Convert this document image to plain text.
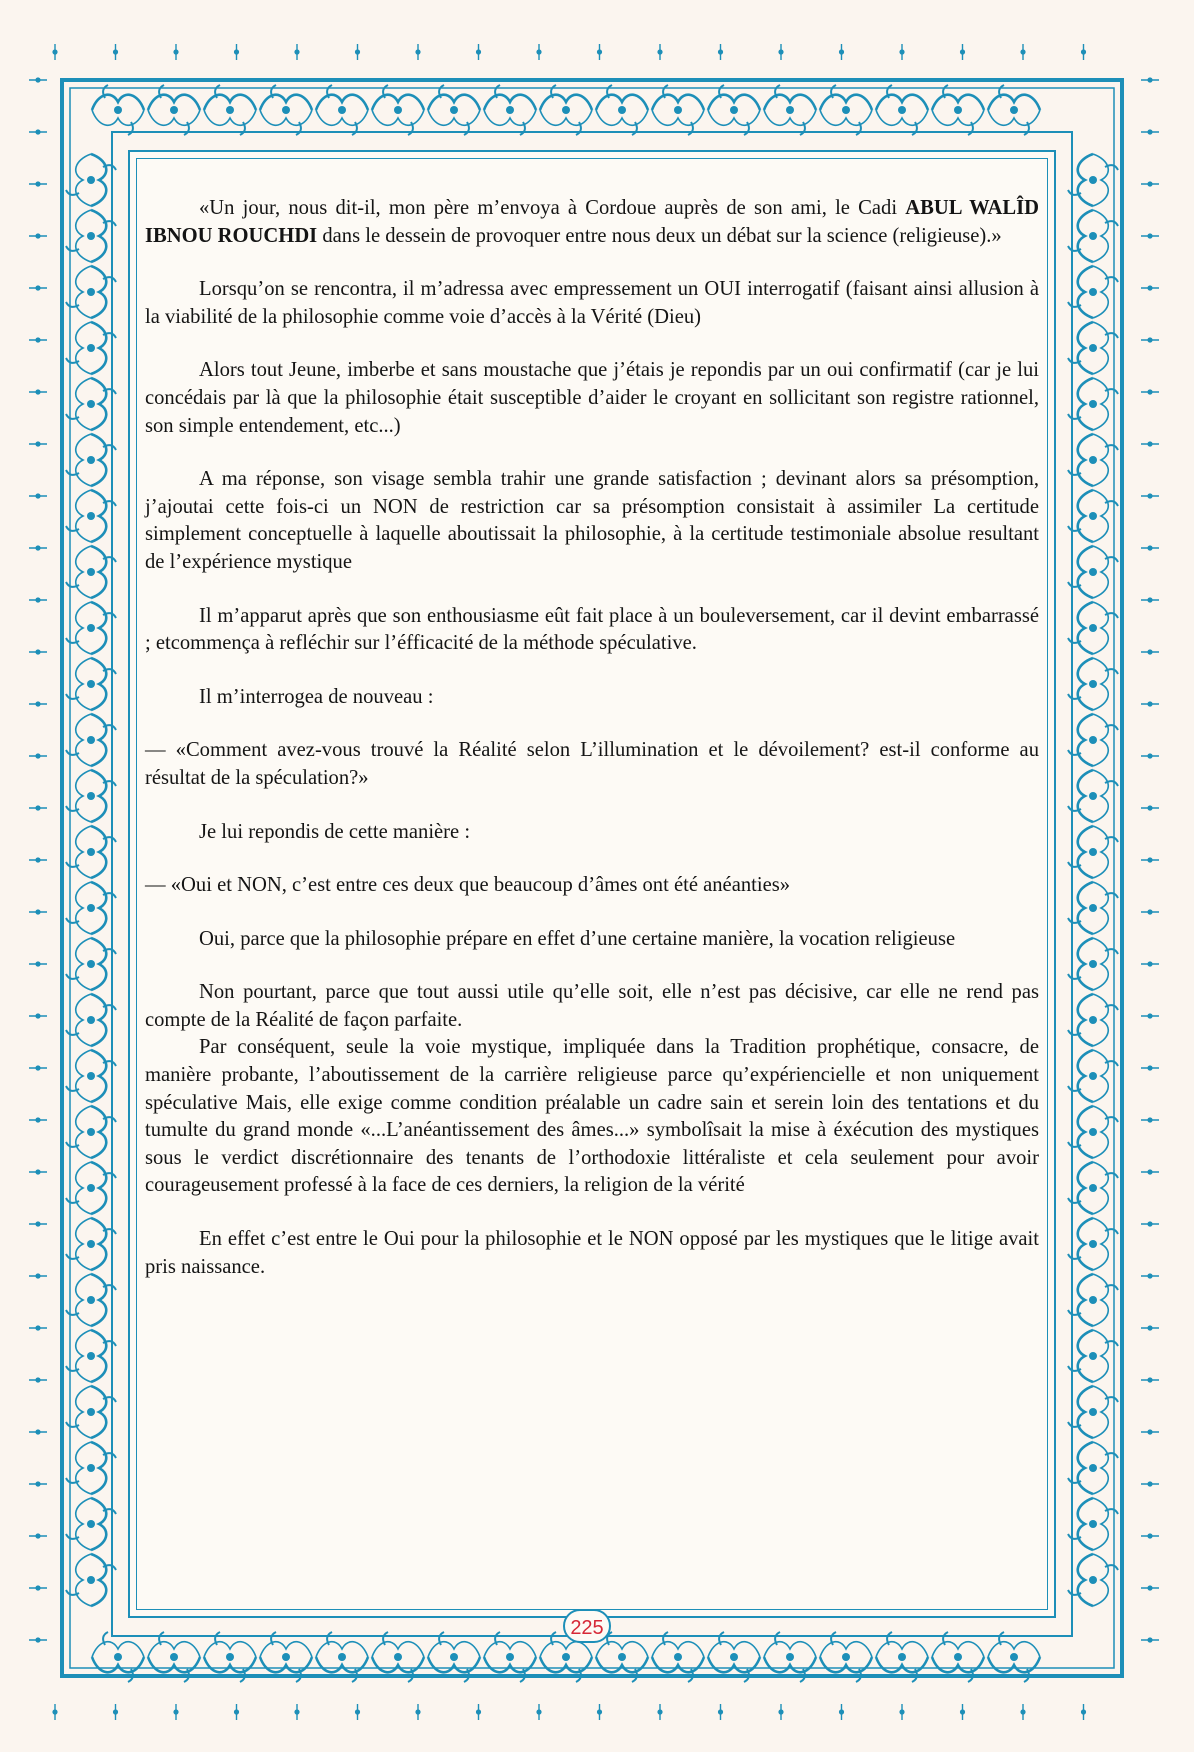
«Un jour, nous dit-il, mon père m’envoya à Cordoue auprès de son ami, le Cadi ABUL WALÎD IBNOU ROUCHDI dans le dessein de provoquer entre nous deux un débat sur la science (religieuse).»

Lorsqu’on se rencontra, il m’adressa avec empressement un OUI interrogatif (faisant ainsi allusion à la viabilité de la philosophie comme voie d’accès à la Vérité (Dieu)

Alors tout Jeune, imberbe et sans moustache que j’étais je repondis par un oui confirmatif (car je lui concédais par là que la philosophie était susceptible d’aider le croyant en sollicitant son registre rationnel, son simple entendement, etc...)

A ma réponse, son visage sembla trahir une grande satisfaction ; devinant alors sa présomption, j’ajoutai cette fois-ci un NON de restriction car sa présomption consistait à assimiler La certitude simplement conceptuelle à laquelle aboutissait la philosophie, à la certitude testimoniale absolue resultant de l’expérience mystique

Il m’apparut après que son enthousiasme eût fait place à un bouleversement, car il devint embarrassé ; etcommença à refléchir sur l’éfficacité de la méthode spéculative.

Il m’interrogea de nouveau :

— «Comment avez-vous trouvé la Réalité selon L’illumination et le dévoilement? est-il conforme au résultat de la spéculation?»

Je lui repondis de cette manière :

— «Oui et NON, c’est entre ces deux que beaucoup d’âmes ont été anéanties»

Oui, parce que la philosophie prépare en effet d’une certaine manière, la vocation religieuse

Non pourtant, parce que tout aussi utile qu’elle soit, elle n’est pas décisive, car elle ne rend pas compte de la Réalité de façon parfaite.

Par conséquent, seule la voie mystique, impliquée dans la Tradition prophétique, consacre, de manière probante, l’aboutissement de la carrière religieuse parce qu’expériencielle et non uniquement spéculative Mais, elle exige comme condition préalable un cadre sain et serein loin des tentations et du tumulte du grand monde «...L’anéantissement des âmes...» symbolîsait la mise à éxécution des mystiques sous le verdict discrétionnaire des tenants de l’orthodoxie littéraliste et cela seulement pour avoir courageusement professé à la face de ces derniers, la religion de la vérité

En effet c’est entre le Oui pour la philosophie et le NON opposé par les mystiques que le litige avait pris naissance.

225
